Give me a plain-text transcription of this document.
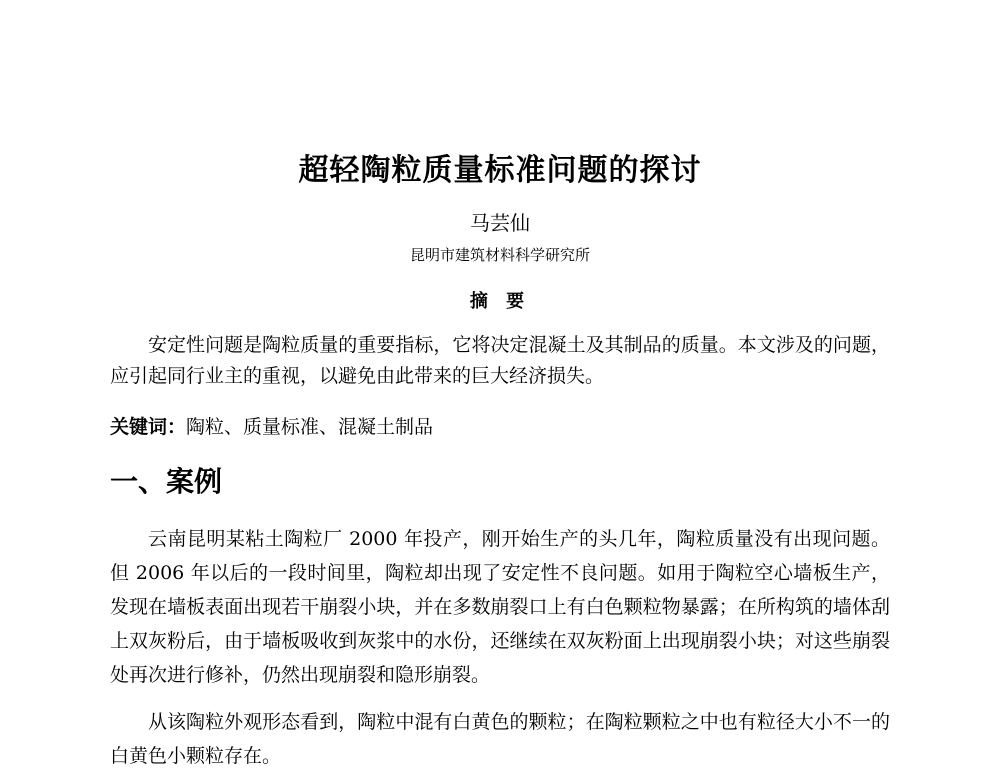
超轻陶粒质量标准问题的探讨
马芸仙
昆明市建筑材料科学研究所
摘 要
安定性问题是陶粒质量的重要指标，它将决定混凝土及其制品的质量。本文涉及的问题，应引起同行业主的重视，以避免由此带来的巨大经济损失。
关键词：陶粒、质量标准、混凝土制品
一、案例
云南昆明某粘土陶粒厂 2000 年投产，刚开始生产的头几年，陶粒质量没有出现问题。但 2006 年以后的一段时间里，陶粒却出现了安定性不良问题。如用于陶粒空心墙板生产，发现在墙板表面出现若干崩裂小块，并在多数崩裂口上有白色颗粒物暴露；在所构筑的墙体刮上双灰粉后，由于墙板吸收到灰浆中的水份，还继续在双灰粉面上出现崩裂小块；对这些崩裂处再次进行修补，仍然出现崩裂和隐形崩裂。
从该陶粒外观形态看到，陶粒中混有白黄色的颗粒；在陶粒颗粒之中也有粒径大小不一的白黄色小颗粒存在。
